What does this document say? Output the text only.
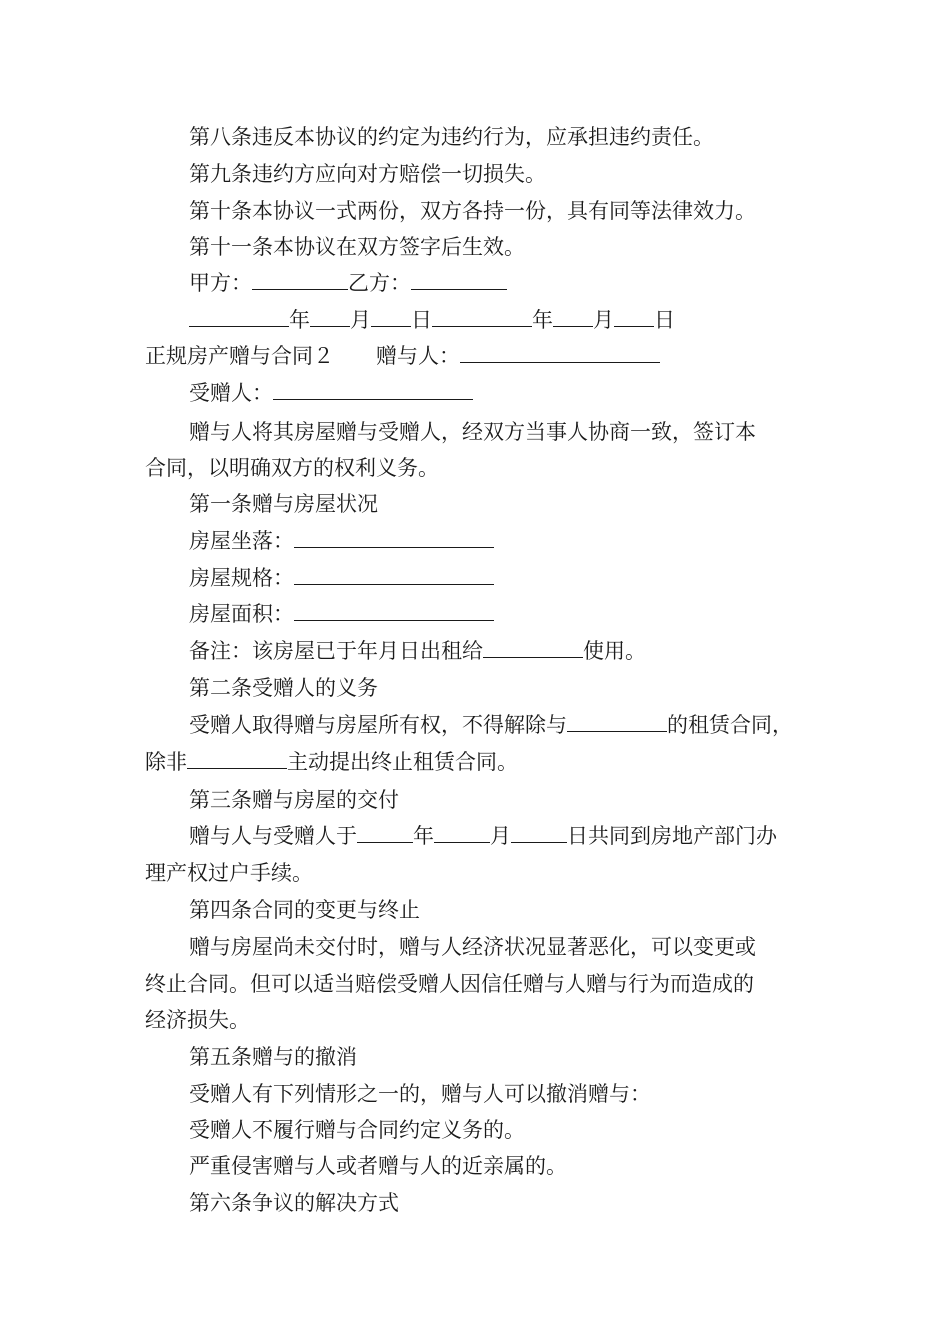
第八条违反本协议的约定为违约行为，应承担违约责任。
第九条违约方应向对方赔偿一切损失。
第十条本协议一式两份，双方各持一份，具有同等法律效力。
第十一条本协议在双方签字后生效。
甲方：	乙方：
年 月 日	年 月 日
正规房产赠与合同２ 赠与人：
受赠人：
赠与人将其房屋赠与受赠人，经双方当事人协商一致，签订本
合同，以明确双方的权利义务。
第一条赠与房屋状况
房屋坐落：
房屋规格：
房屋面积：
备注：该房屋已于年月日出租给	使用。
第二条受赠人的义务
受赠人取得赠与房屋所有权，不得解除与	的租赁合同，
除非	主动提出终止租赁合同。
第三条赠与房屋的交付
赠与人与受赠人于	年	月	日共同到房地产部门办
理产权过户手续。
第四条合同的变更与终止
赠与房屋尚未交付时，赠与人经济状况显著恶化，可以变更或
终止合同。但可以适当赔偿受赠人因信任赠与人赠与行为而造成的
经济损失。
第五条赠与的撤消
受赠人有下列情形之一的，赠与人可以撤消赠与：
受赠人不履行赠与合同约定义务的。
严重侵害赠与人或者赠与人的近亲属的。
第六条争议的解决方式
